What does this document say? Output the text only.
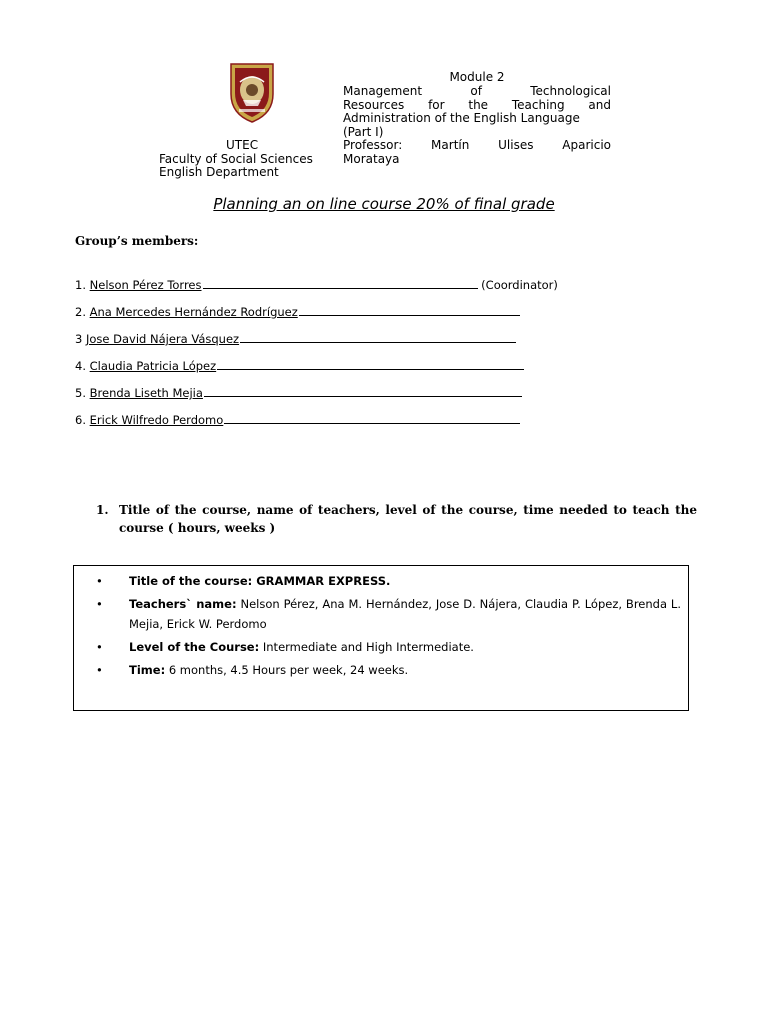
Module 2
Management of Technological
Resources for the Teaching and
Administration of the English Language
(Part I)
Professor: Martín Ulises Aparicio
Morataya
UTEC
Faculty of Social Sciences
English Department
Planning an on line course 20% of final grade
Group’s members:
1. Nelson Pérez Torres	(Coordinator)
2. Ana Mercedes Hernández Rodríguez
3 Jose David Nájera Vásquez
4. Claudia Patricia López
5. Brenda Liseth Mejia
6. Erick Wilfredo Perdomo
1. Title of the course, name of teachers, level of the course, time needed to teach the course ( hours, weeks )
• Title of the course: GRAMMAR EXPRESS.
• Teachers` name: Nelson Pérez, Ana M. Hernández, Jose D. Nájera, Claudia P. López, Brenda L. Mejia, Erick W. Perdomo
• Level of the Course: Intermediate and High Intermediate.
• Time: 6 months, 4.5 Hours per week, 24 weeks.
